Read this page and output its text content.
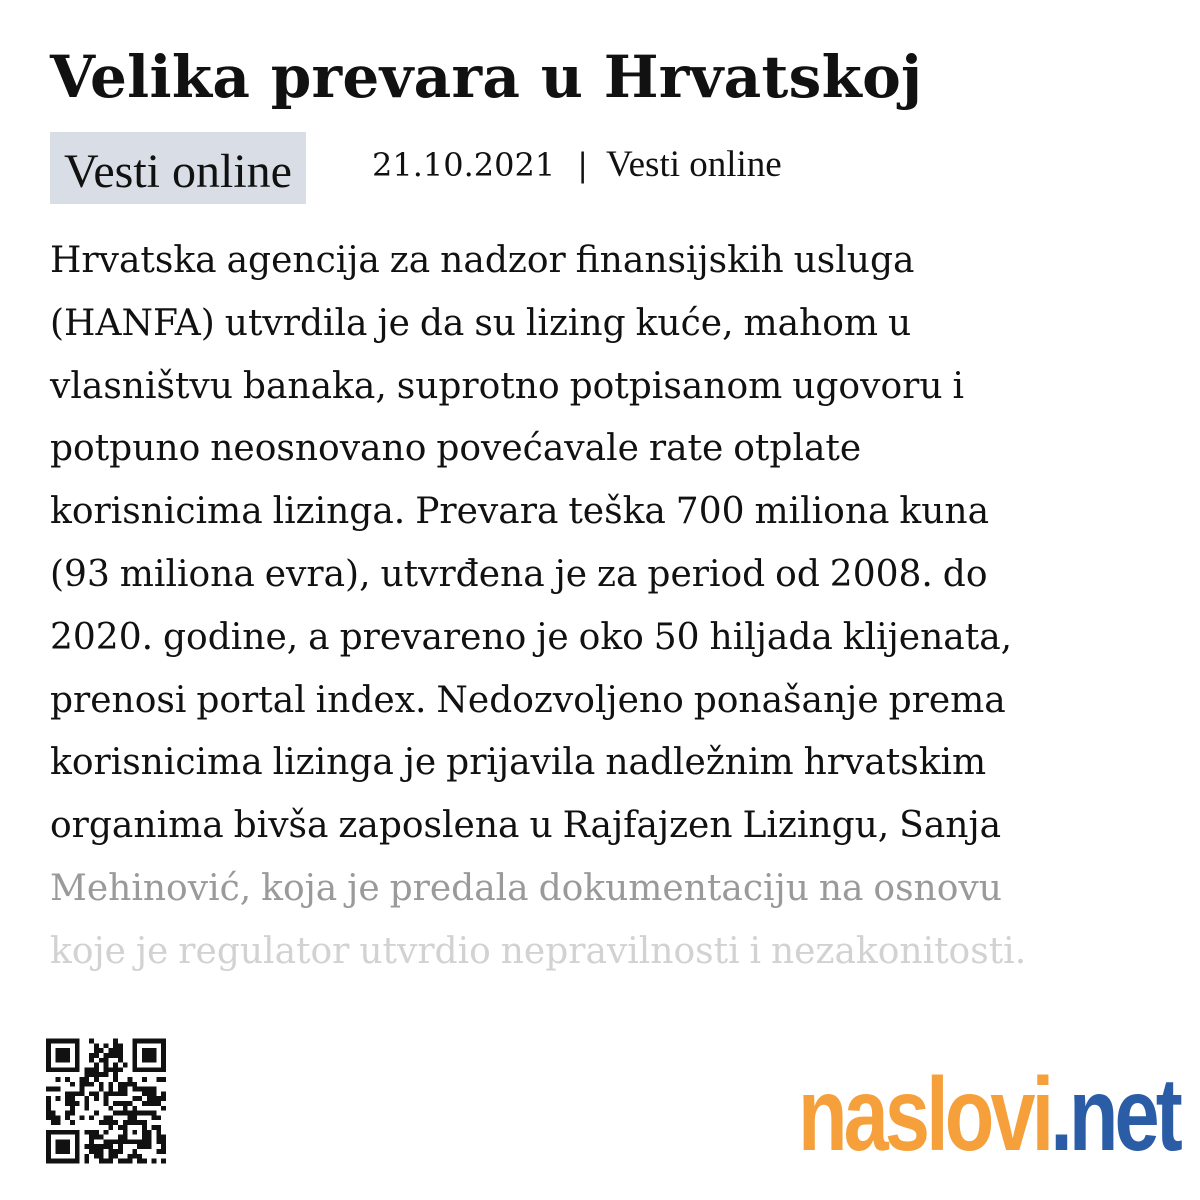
Velika prevara u Hrvatskoj
Vesti online	21.10.2021 | Vesti online
Hrvatska agencija za nadzor finansijskih usluga
(HANFA) utvrdila je da su lizing kuće, mahom u
vlasništvu banaka, suprotno potpisanom ugovoru i
potpuno neosnovano povećavale rate otplate
korisnicima lizinga. Prevara teška 700 miliona kuna
(93 miliona evra), utvrđena je za period od 2008. do
2020. godine, a prevareno je oko 50 hiljada klijenata,
prenosi portal index. Nedozvoljeno ponašanje prema
korisnicima lizinga je prijavila nadležnim hrvatskim
organima bivša zaposlena u Rajfajzen Lizingu, Sanja
Mehinović, koja je predala dokumentaciju na osnovu
koje je regulator utvrdio nepravilnosti i nezakonitosti.
naslovi.net
